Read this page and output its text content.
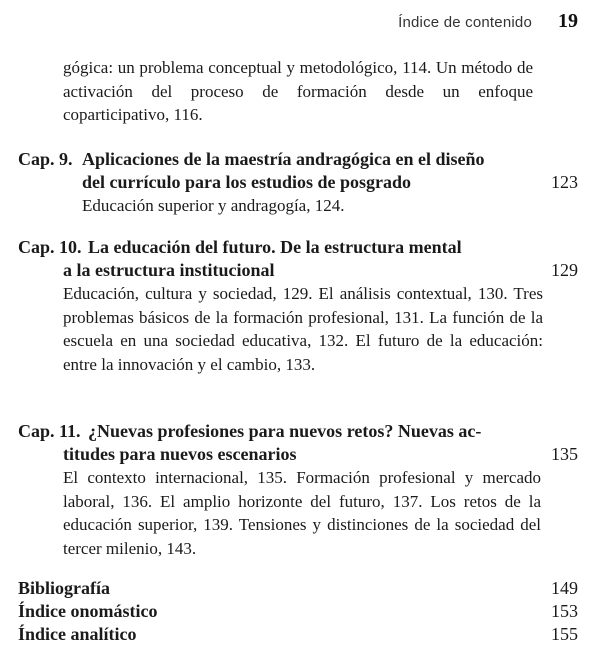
Índice de contenido 19
gógica: un problema conceptual y metodológico, 114. Un método de activación del proceso de formación desde un enfoque coparticipativo, 116.
Cap. 9. Aplicaciones de la maestría andragógica en el diseño
del currículo para los estudios de posgrado	123
Educación superior y andragogía, 124.
Cap. 10. La educación del futuro. De la estructura mental
a la estructura institucional	129
Educación, cultura y sociedad, 129. El análisis contextual, 130. Tres problemas básicos de la formación profesional, 131. La función de la escuela en una sociedad educativa, 132. El futuro de la educación: entre la innovación y el cambio, 133.
Cap. 11. ¿Nuevas profesiones para nuevos retos? Nuevas ac-
titudes para nuevos escenarios	135
El contexto internacional, 135. Formación profesional y mercado laboral, 136. El amplio horizonte del futuro, 137. Los retos de la educación superior, 139. Tensiones y distinciones de la sociedad del tercer milenio, 143.
Bibliografía	149
Índice onomástico	153
Índice analítico	155
